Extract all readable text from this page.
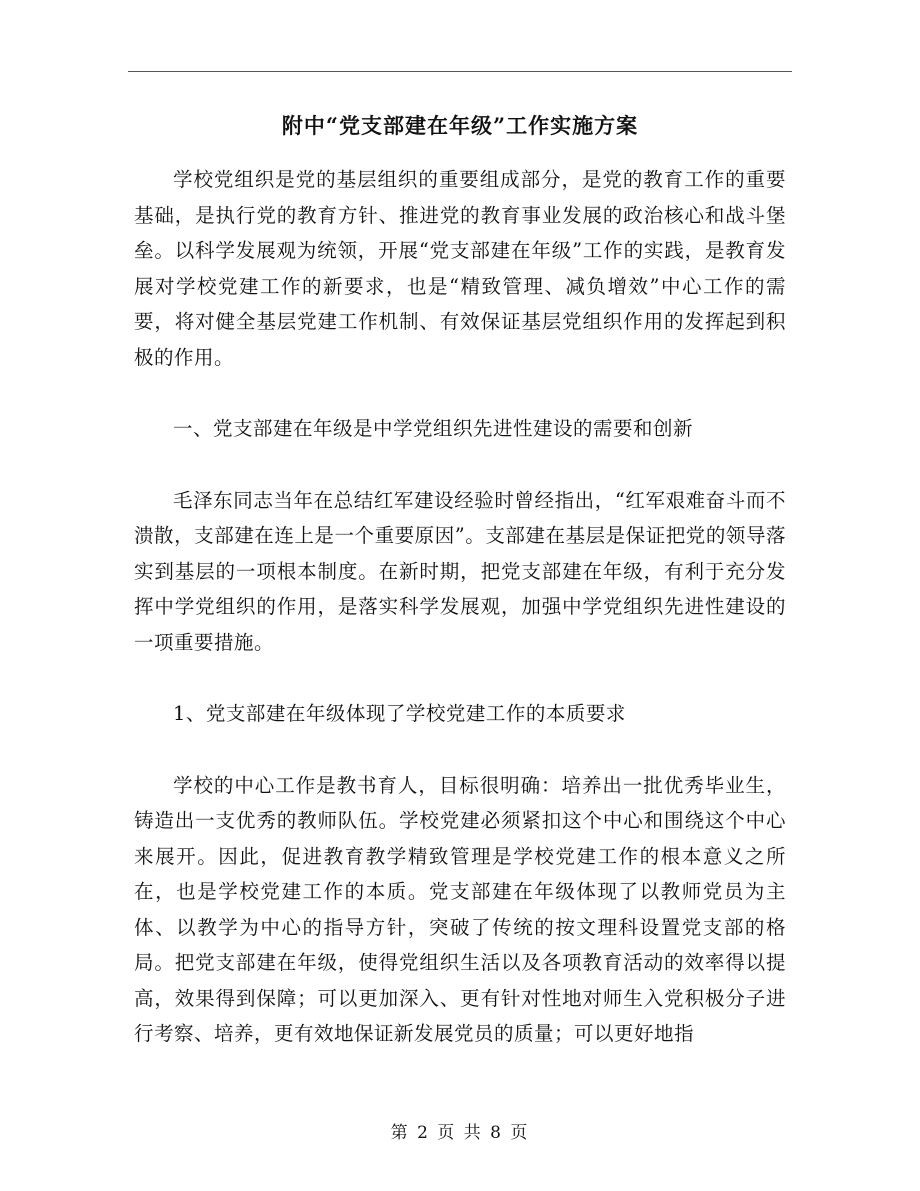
附中“党支部建在年级”工作实施方案

学校党组织是党的基层组织的重要组成部分，是党的教育工作的重要基础，是执行党的教育方针、推进党的教育事业发展的政治核心和战斗堡垒。以科学发展观为统领，开展“党支部建在年级”工作的实践，是教育发展对学校党建工作的新要求，也是“精致管理、减负增效”中心工作的需要，将对健全基层党建工作机制、有效保证基层党组织作用的发挥起到积极的作用。

一、党支部建在年级是中学党组织先进性建设的需要和创新

毛泽东同志当年在总结红军建设经验时曾经指出，“红军艰难奋斗而不溃散，支部建在连上是一个重要原因”。支部建在基层是保证把党的领导落实到基层的一项根本制度。在新时期，把党支部建在年级，有利于充分发挥中学党组织的作用，是落实科学发展观，加强中学党组织先进性建设的一项重要措施。

1、党支部建在年级体现了学校党建工作的本质要求

学校的中心工作是教书育人，目标很明确：培养出一批优秀毕业生，铸造出一支优秀的教师队伍。学校党建必须紧扣这个中心和围绕这个中心来展开。因此，促进教育教学精致管理是学校党建工作的根本意义之所在，也是学校党建工作的本质。党支部建在年级体现了以教师党员为主体、以教学为中心的指导方针，突破了传统的按文理科设置党支部的格局。把党支部建在年级，使得党组织生活以及各项教育活动的效率得以提高，效果得到保障；可以更加深入、更有针对性地对师生入党积极分子进行考察、培养，更有效地保证新发展党员的质量；可以更好地指

第 2 页 共 8 页
